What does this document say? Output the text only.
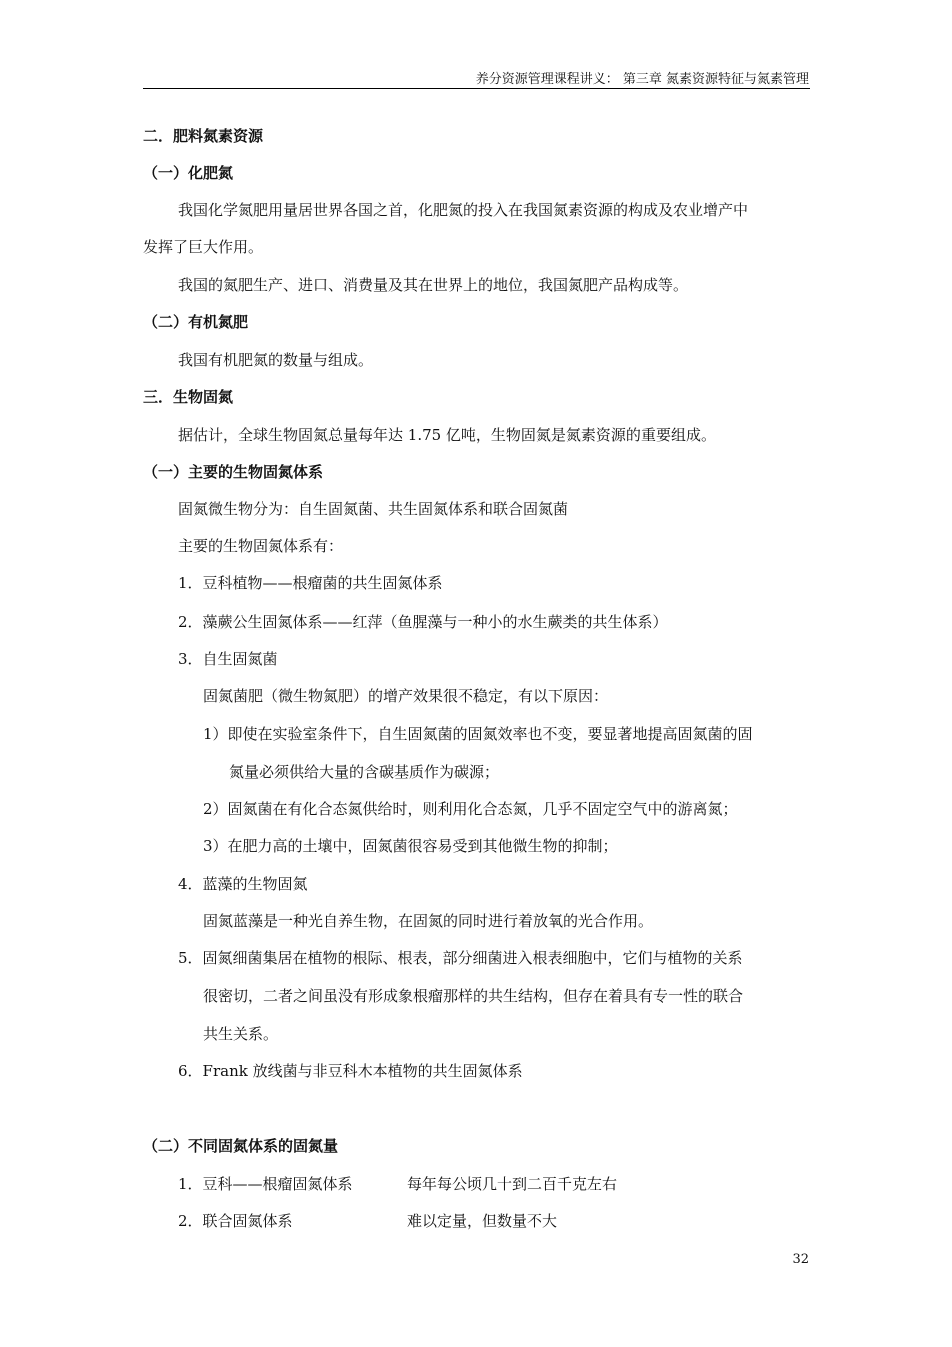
养分资源管理课程讲义： 第三章 氮素资源特征与氮素管理
二．肥料氮素资源
（一）化肥氮
我国化学氮肥用量居世界各国之首，化肥氮的投入在我国氮素资源的构成及农业增产中
发挥了巨大作用。
我国的氮肥生产、进口、消费量及其在世界上的地位，我国氮肥产品构成等。
（二）有机氮肥
我国有机肥氮的数量与组成。
三．生物固氮
据估计，全球生物固氮总量每年达 1.75 亿吨，生物固氮是氮素资源的重要组成。
（一）主要的生物固氮体系
固氮微生物分为：自生固氮菌、共生固氮体系和联合固氮菌
主要的生物固氮体系有：
1．豆科植物——根瘤菌的共生固氮体系
2．藻蕨公生固氮体系——红萍（鱼腥藻与一种小的水生蕨类的共生体系）
3．自生固氮菌
固氮菌肥（微生物氮肥）的增产效果很不稳定，有以下原因：
1）即使在实验室条件下，自生固氮菌的固氮效率也不变，要显著地提高固氮菌的固
氮量必须供给大量的含碳基质作为碳源；
2）固氮菌在有化合态氮供给时，则利用化合态氮，几乎不固定空气中的游离氮；
3）在肥力高的土壤中，固氮菌很容易受到其他微生物的抑制；
4．蓝藻的生物固氮
固氮蓝藻是一种光自养生物，在固氮的同时进行着放氧的光合作用。
5．固氮细菌集居在植物的根际、根表，部分细菌进入根表细胞中，它们与植物的关系
很密切，二者之间虽没有形成象根瘤那样的共生结构，但存在着具有专一性的联合
共生关系。
6．Frank 放线菌与非豆科木本植物的共生固氮体系
（二）不同固氮体系的固氮量
1．豆科——根瘤固氮体系	每年每公顷几十到二百千克左右
2．联合固氮体系	难以定量，但数量不大
32
